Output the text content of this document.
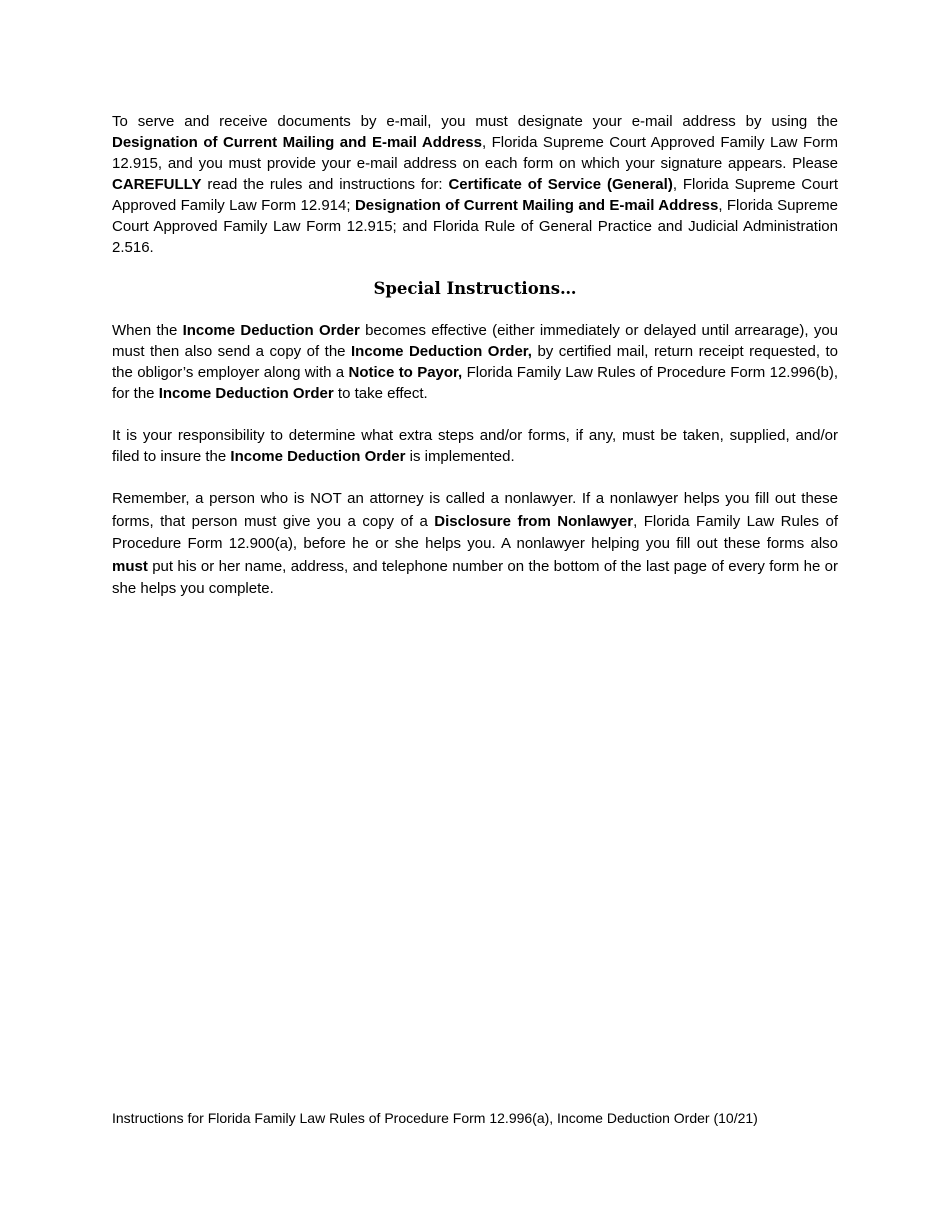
To serve and receive documents by e-mail, you must designate your e-mail address by using the Designation of Current Mailing and E-mail Address, Florida Supreme Court Approved Family Law Form 12.915, and you must provide your e-mail address on each form on which your signature appears. Please CAREFULLY read the rules and instructions for: Certificate of Service (General), Florida Supreme Court Approved Family Law Form 12.914; Designation of Current Mailing and E-mail Address, Florida Supreme Court Approved Family Law Form 12.915; and Florida Rule of General Practice and Judicial Administration 2.516.

Special Instructions…

When the Income Deduction Order becomes effective (either immediately or delayed until arrearage), you must then also send a copy of the Income Deduction Order, by certified mail, return receipt requested, to the obligor’s employer along with a Notice to Payor, Florida Family Law Rules of Procedure Form 12.996(b), for the Income Deduction Order to take effect.

It is your responsibility to determine what extra steps and/or forms, if any, must be taken, supplied, and/or filed to insure the Income Deduction Order is implemented.

Remember, a person who is NOT an attorney is called a nonlawyer. If a nonlawyer helps you fill out these forms, that person must give you a copy of a Disclosure from Nonlawyer, Florida Family Law Rules of Procedure Form 12.900(a), before he or she helps you. A nonlawyer helping you fill out these forms also must put his or her name, address, and telephone number on the bottom of the last page of every form he or she helps you complete.

Instructions for Florida Family Law Rules of Procedure Form 12.996(a), Income Deduction Order (10/21)
